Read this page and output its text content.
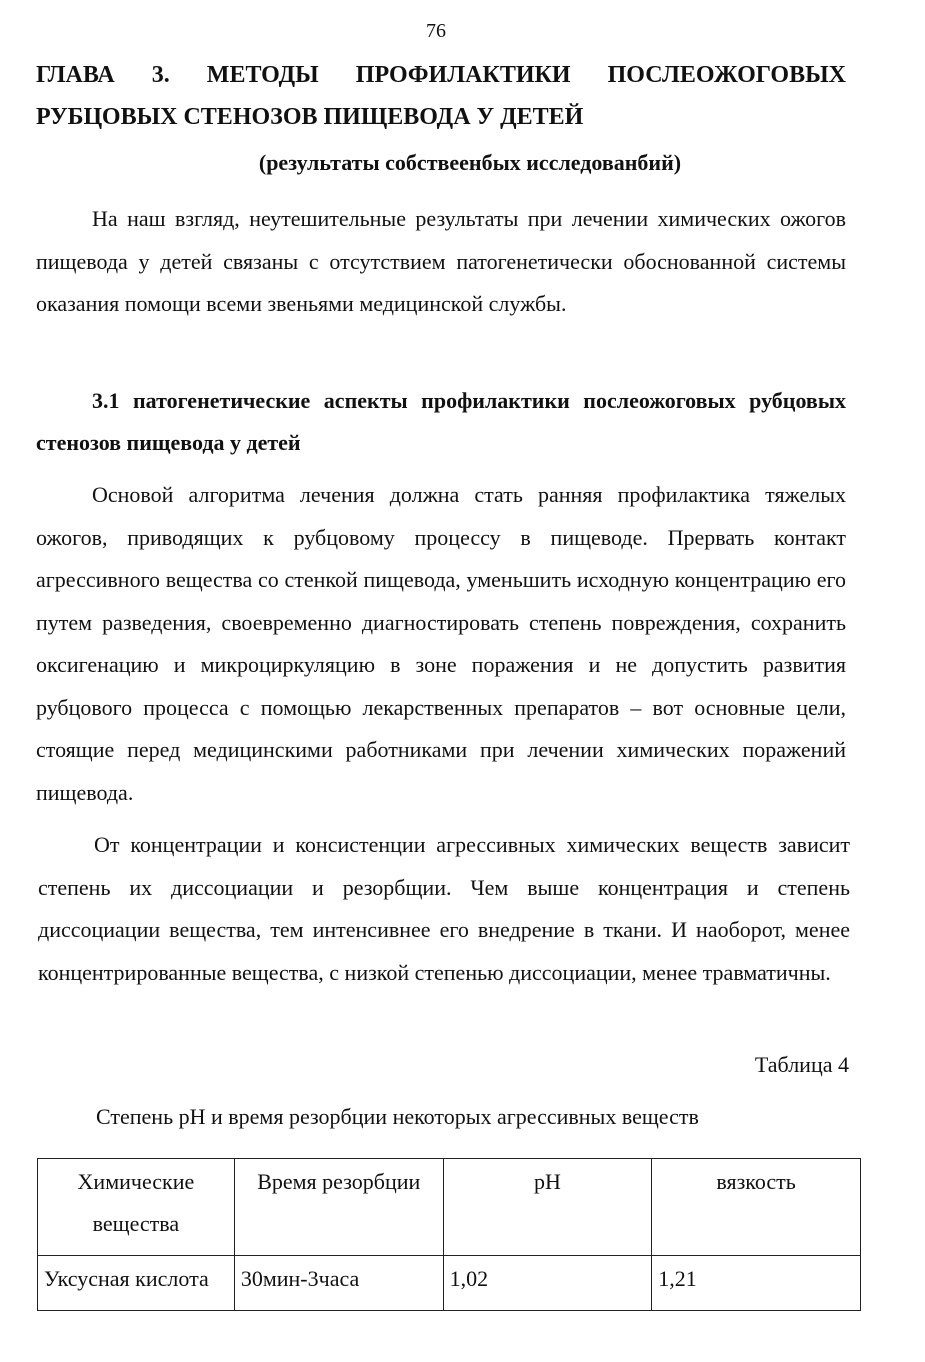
76
ГЛАВА 3. МЕТОДЫ ПРОФИЛАКТИКИ ПОСЛЕОЖОГОВЫХ РУБЦОВЫХ СТЕНОЗОВ ПИЩЕВОДА У ДЕТЕЙ
(результаты собствеенбых исследованбий)

На наш взгляд, неутешительные результаты при лечении химических ожогов пищевода у детей связаны с отсутствием патогенетически обоснованной системы оказания помощи всеми звеньями медицинской службы.

3.1 патогенетические аспекты профилактики послеожоговых рубцовых стенозов пищевода у детей

Основой алгоритма лечения должна стать ранняя профилактика тяжелых ожогов, приводящих к рубцовому процессу в пищеводе. Прервать контакт агрессивного вещества со стенкой пищевода, уменьшить исходную концентрацию его путем разведения, своевременно диагностировать степень повреждения, сохранить оксигенацию и микроциркуляцию в зоне поражения и не допустить развития рубцового процесса с помощью лекарственных препаратов – вот основные цели, стоящие перед медицинскими работниками при лечении химических поражений пищевода.

От концентрации и консистенции агрессивных химических веществ зависит степень их диссоциации и резорбщии. Чем выше концентрация и степень диссоциации вещества, тем интенсивнее его внедрение в ткани. И наоборот, менее концентрированные вещества, с низкой степенью диссоциации, менее травматичны.

Таблица 4
Степень рН и время резорбции некоторых агрессивных веществ
Химические вещества	Время резорбции	pH	вязкость
Уксусная кислота	30мин-3часа	1,02	1,21
